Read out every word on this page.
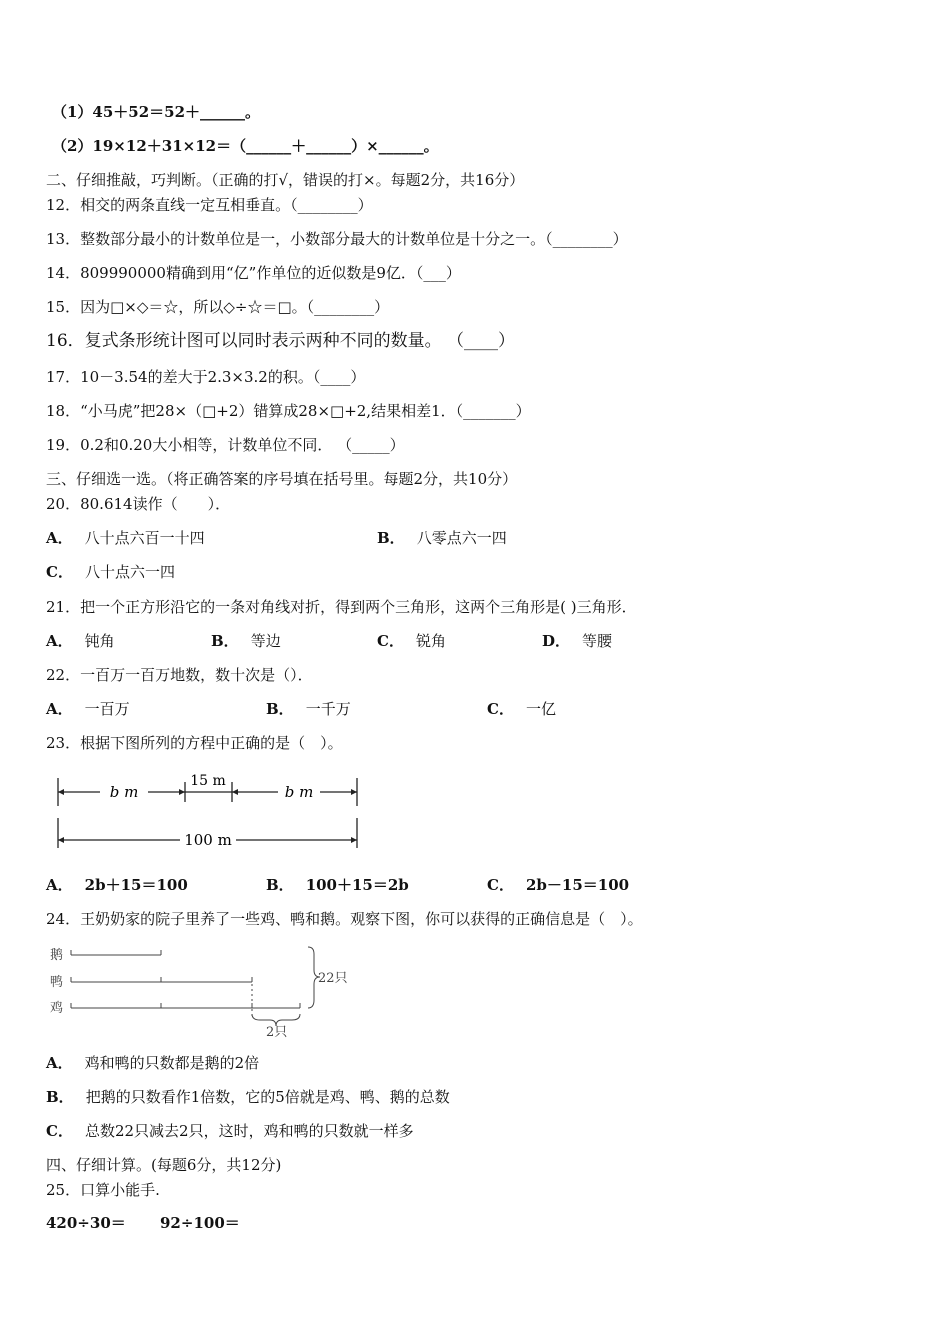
（1）45＋52＝52＋______。
（2）19×12＋31×12＝（______＋______）×______。
二、仔细推敲，巧判断。（正确的打√，错误的打×。每题2分，共16分）
12．相交的两条直线一定互相垂直。（________）
13．整数部分最小的计数单位是一，小数部分最大的计数单位是十分之一。（________）
14．809990000精确到用“亿”作单位的近似数是9亿．（___）
15．因为□×◇＝☆，所以◇÷☆＝□。（________）
16．复式条形统计图可以同时表示两种不同的数量。 （____）
17．10－3.54的差大于2.3×3.2的积。（____）
18．“小马虎”把28×（□+2）错算成28×□+2,结果相差1．（_______）
19．0.2和0.20大小相等，计数单位不同． （_____）
三、仔细选一选。（将正确答案的序号填在括号里。每题2分，共10分）
20．80.614读作（　　）．
A． 八十点六百一十四	B． 八零点六一四
C． 八十点六一四
21．把一个正方形沿它的一条对角线对折，得到两个三角形，这两个三角形是( )三角形．
A． 钝角	B． 等边	C． 锐角	D． 等腰
22．一百万一百万地数，数十次是（）．
A． 一百万	B． 一千万	C． 一亿
23．根据下图所列的方程中正确的是（　）。
b m
15 m
b m
100 m
A． 2b＋15＝100	B． 100＋15＝2b	C． 2b－15＝100
24．王奶奶家的院子里养了一些鸡、鸭和鹅。观察下图，你可以获得的正确信息是（　）。
鹅
鸭
鸡
22只
2只
A． 鸡和鸭的只数都是鹅的2倍
B． 把鹅的只数看作1倍数，它的5倍就是鸡、鸭、鹅的总数
C． 总数22只减去2只，这时，鸡和鸭的只数就一样多
四、仔细计算。(每题6分，共12分)
25．口算小能手.
420÷30＝ 92÷100＝
